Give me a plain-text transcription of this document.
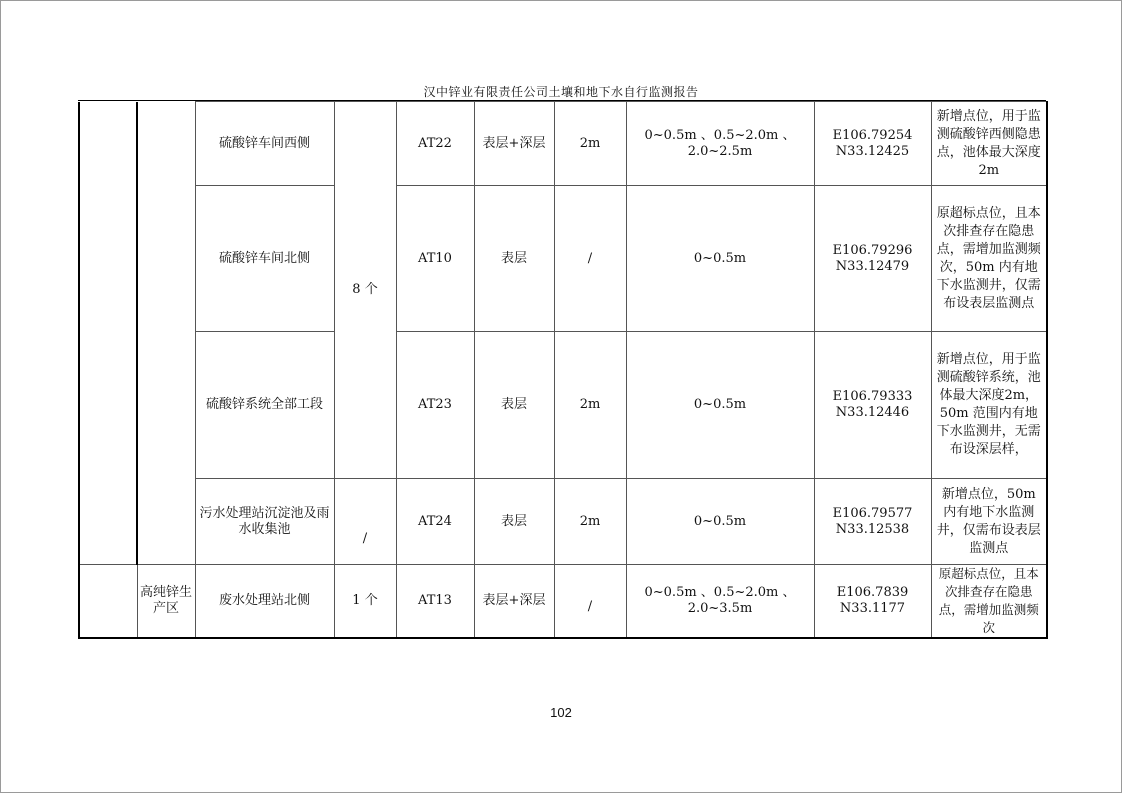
汉中锌业有限责任公司土壤和地下水自行监测报告
		硫酸锌车间西侧	8 个	AT22	表层+深层	2m	0~0.5m 、0.5~2.0m 、2.0~2.5m	E106.79254
N33.12425	新增点位，用于监测硫酸锌西侧隐患点，池体最大深度2m
		硫酸锌车间北侧		AT10	表层	/	0~0.5m	E106.79296
N33.12479	原超标点位，且本次排查存在隐患点，需增加监测频次，50m 内有地下水监测井，仅需布设表层监测点
		硫酸锌系统全部工段		AT23	表层	2m	0~0.5m	E106.79333
N33.12446	新增点位，用于监测硫酸锌系统，池体最大深度2m，50m 范围内有地下水监测井，无需布设深层样，
		污水处理站沉淀池及雨水收集池	/	AT24	表层	2m	0~0.5m	E106.79577
N33.12538	新增点位，50m 内有地下水监测井，仅需布设表层监测点
	高纯锌生产区	废水处理站北侧	1 个	AT13	表层+深层	/	0~0.5m 、0.5~2.0m 、2.0~3.5m	E106.7839
N33.1177	原超标点位，且本次排查存在隐患点，需增加监测频次
102
